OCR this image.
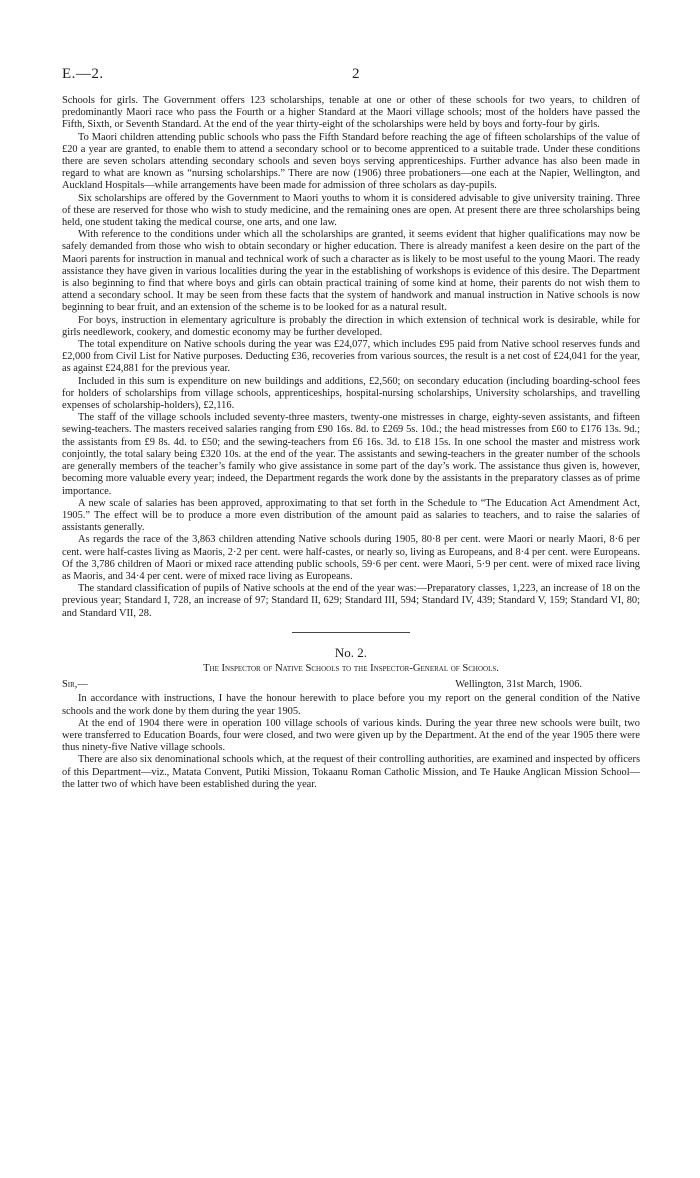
E.—2.	2

Schools for girls. The Government offers 123 scholarships, tenable at one or other of these schools for two years, to children of predominantly Maori race who pass the Fourth or a higher Standard at the Maori village schools; most of the holders have passed the Fifth, Sixth, or Seventh Standard. At the end of the year thirty-eight of the scholarships were held by boys and forty-four by girls.

To Maori children attending public schools who pass the Fifth Standard before reaching the age of fifteen scholarships of the value of £20 a year are granted, to enable them to attend a secondary school or to become apprenticed to a suitable trade. Under these conditions there are seven scholars attending secondary schools and seven boys serving apprenticeships. Further advance has also been made in regard to what are known as “nursing scholarships.” There are now (1906) three probationers—one each at the Napier, Wellington, and Auckland Hospitals—while arrangements have been made for admission of three scholars as day-pupils.

Six scholarships are offered by the Government to Maori youths to whom it is considered advisable to give university training. Three of these are reserved for those who wish to study medicine, and the remaining ones are open. At present there are three scholarships being held, one student taking the medical course, one arts, and one law.

With reference to the conditions under which all the scholarships are granted, it seems evident that higher qualifications may now be safely demanded from those who wish to obtain secondary or higher education. There is already manifest a keen desire on the part of the Maori parents for instruction in manual and technical work of such a character as is likely to be most useful to the young Maori. The ready assistance they have given in various localities during the year in the establishing of workshops is evidence of this desire. The Department is also beginning to find that where boys and girls can obtain practical training of some kind at home, their parents do not wish them to attend a secondary school. It may be seen from these facts that the system of handwork and manual instruction in Native schools is now beginning to bear fruit, and an extension of the scheme is to be looked for as a natural result.

For boys, instruction in elementary agriculture is probably the direction in which extension of technical work is desirable, while for girls needlework, cookery, and domestic economy may be further developed.

The total expenditure on Native schools during the year was £24,077, which includes £95 paid from Native school reserves funds and £2,000 from Civil List for Native purposes. Deducting £36, recoveries from various sources, the result is a net cost of £24,041 for the year, as against £24,881 for the previous year.

Included in this sum is expenditure on new buildings and additions, £2,560; on secondary education (including boarding-school fees for holders of scholarships from village schools, apprenticeships, hospital-nursing scholarships, University scholarships, and travelling expenses of scholarship-holders), £2,116.

The staff of the village schools included seventy-three masters, twenty-one mistresses in charge, eighty-seven assistants, and fifteen sewing-teachers. The masters received salaries ranging from £90 16s. 8d. to £269 5s. 10d.; the head mistresses from £60 to £176 13s. 9d.; the assistants from £9 8s. 4d. to £50; and the sewing-teachers from £6 16s. 3d. to £18 15s. In one school the master and mistress work conjointly, the total salary being £320 10s. at the end of the year. The assistants and sewing-teachers in the greater number of the schools are generally members of the teacher’s family who give assistance in some part of the day’s work. The assistance thus given is, however, becoming more valuable every year; indeed, the Department regards the work done by the assistants in the preparatory classes as of prime importance.

A new scale of salaries has been approved, approximating to that set forth in the Schedule to “The Education Act Amendment Act, 1905.” The effect will be to produce a more even distribution of the amount paid as salaries to teachers, and to raise the salaries of assistants generally.

As regards the race of the 3,863 children attending Native schools during 1905, 80·8 per cent. were Maori or nearly Maori, 8·6 per cent. were half-castes living as Maoris, 2·2 per cent. were half-castes, or nearly so, living as Europeans, and 8·4 per cent. were Europeans. Of the 3,786 children of Maori or mixed race attending public schools, 59·6 per cent. were Maori, 5·9 per cent. were of mixed race living as Maoris, and 34·4 per cent. were of mixed race living as Europeans.

The standard classification of pupils of Native schools at the end of the year was:—Preparatory classes, 1,223, an increase of 18 on the previous year; Standard I, 728, an increase of 97; Standard II, 629; Standard III, 594; Standard IV, 439; Standard V, 159; Standard VI, 80; and Standard VII, 28.

No. 2.
The Inspector of Native Schools to the Inspector-General of Schools.
Sir,—	Wellington, 31st March, 1906.

In accordance with instructions, I have the honour herewith to place before you my report on the general condition of the Native schools and the work done by them during the year 1905.

At the end of 1904 there were in operation 100 village schools of various kinds. During the year three new schools were built, two were transferred to Education Boards, four were closed, and two were given up by the Department. At the end of the year 1905 there were thus ninety-five Native village schools.

There are also six denominational schools which, at the request of their controlling authorities, are examined and inspected by officers of this Department—viz., Matata Convent, Putiki Mission, Tokaanu Roman Catholic Mission, and Te Hauke Anglican Mission School—the latter two of which have been established during the year.
